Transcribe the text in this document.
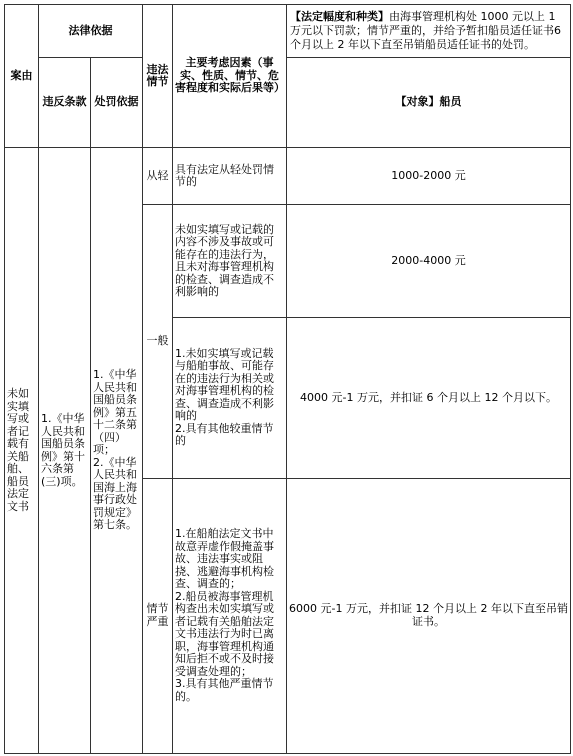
案由	法律依据		违法情节	主要考虑因素（事实、性质、情节、危害程度和实际后果等）	【法定幅度和种类】由海事管理机构处 1000 元以上 1 万元以下罚款；情节严重的，并给予暂扣船员适任证书6 个月以上 2 年以下直至吊销船员适任证书的处罚。
	违反条款	处罚依据			【对象】船员
未如实填写或者记载有关船舶、船员法定文书	1.《中华人民共和国船员条例》第十六条第(三)项。	1.《中华人民共和国船员条例》第五十二条第（四）项；
2.《中华人民共和国海上海事行政处罚规定》第七条。	从轻	具有法定从轻处罚情节的	1000-2000 元
			一般	未如实填写或记载的内容不涉及事故或可能存在的违法行为，且未对海事管理机构的检查、调查造成不利影响的	2000-4000 元
				1.未如实填写或记载与船舶事故、可能存在的违法行为相关或对海事管理机构的检查、调查造成不利影响的
2.具有其他较重情节的	4000 元-1 万元，并扣证 6 个月以上 12 个月以下。
			情节严重	1.在船舶法定文书中故意弄虚作假掩盖事故、违法事实或阻挠、逃避海事机构检查、调查的；
2.船员被海事管理机构查出未如实填写或者记载有关船舶法定文书违法行为时已离职，海事管理机构通知后拒不或不及时接受调查处理的；
3.具有其他严重情节的。	6000 元-1 万元，并扣证 12 个月以上 2 年以下直至吊销证书。
